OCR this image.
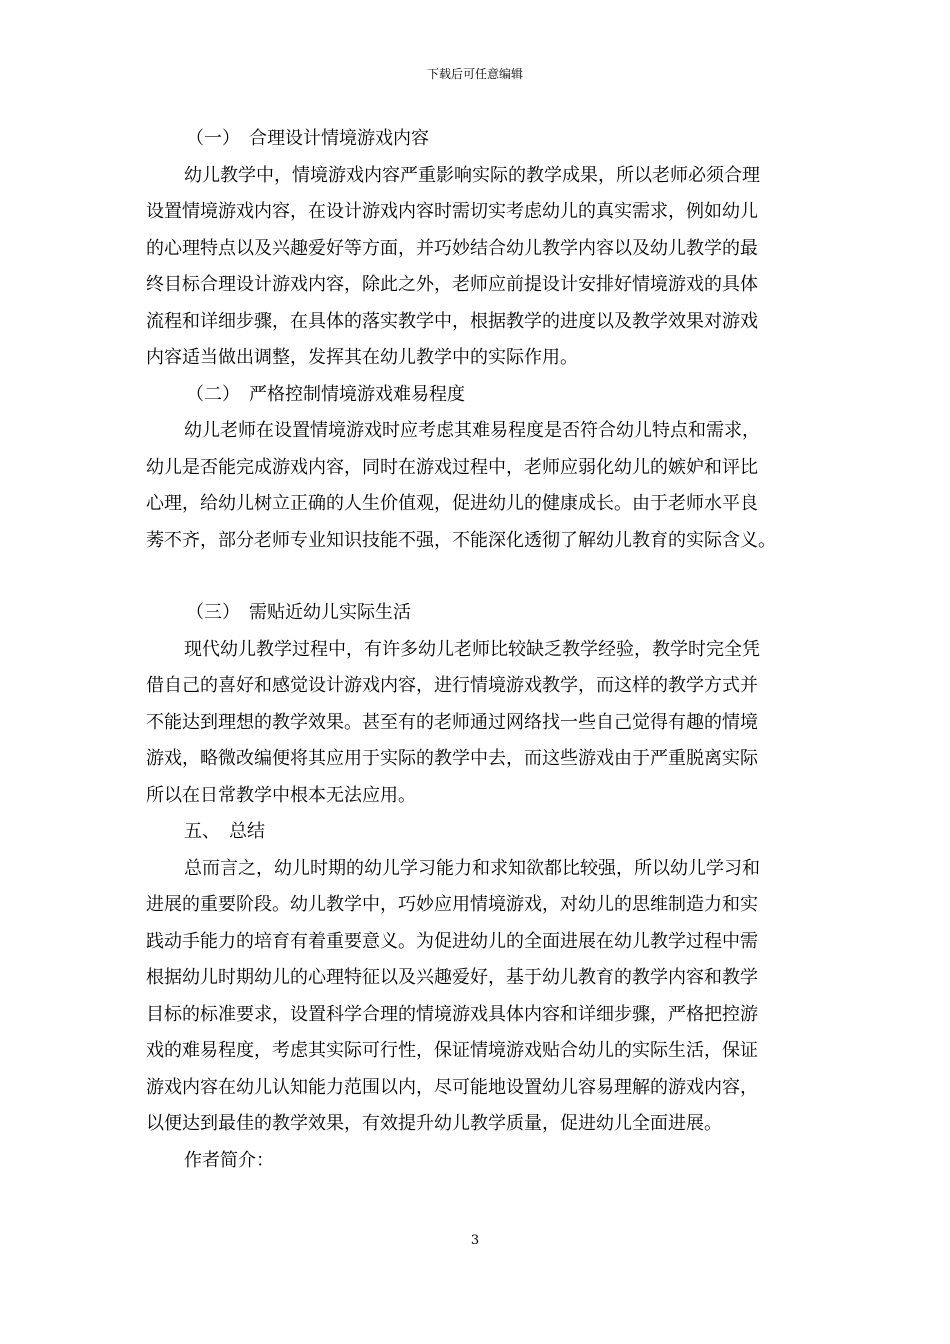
下载后可任意编辑
（一）　合理设计情境游戏内容
幼儿教学中，情境游戏内容严重影响实际的教学成果，所以老师必须合理
设置情境游戏内容，在设计游戏内容时需切实考虑幼儿的真实需求，例如幼儿
的心理特点以及兴趣爱好等方面，并巧妙结合幼儿教学内容以及幼儿教学的最
终目标合理设计游戏内容，除此之外，老师应前提设计安排好情境游戏的具体
流程和详细步骤，在具体的落实教学中，根据教学的进度以及教学效果对游戏
内容适当做出调整，发挥其在幼儿教学中的实际作用。
（二）　严格控制情境游戏难易程度
幼儿老师在设置情境游戏时应考虑其难易程度是否符合幼儿特点和需求，
幼儿是否能完成游戏内容，同时在游戏过程中，老师应弱化幼儿的嫉妒和评比
心理，给幼儿树立正确的人生价值观，促进幼儿的健康成长。由于老师水平良
莠不齐，部分老师专业知识技能不强，不能深化透彻了解幼儿教育的实际含义。
（三）　需贴近幼儿实际生活
现代幼儿教学过程中，有许多幼儿老师比较缺乏教学经验，教学时完全凭
借自己的喜好和感觉设计游戏内容，进行情境游戏教学，而这样的教学方式并
不能达到理想的教学效果。甚至有的老师通过网络找一些自己觉得有趣的情境
游戏，略微改编便将其应用于实际的教学中去，而这些游戏由于严重脱离实际
所以在日常教学中根本无法应用。
五、　总结
总而言之，幼儿时期的幼儿学习能力和求知欲都比较强，所以幼儿学习和
进展的重要阶段。幼儿教学中，巧妙应用情境游戏，对幼儿的思维制造力和实
践动手能力的培育有着重要意义。为促进幼儿的全面进展在幼儿教学过程中需
根据幼儿时期幼儿的心理特征以及兴趣爱好，基于幼儿教育的教学内容和教学
目标的标准要求，设置科学合理的情境游戏具体内容和详细步骤，严格把控游
戏的难易程度，考虑其实际可行性，保证情境游戏贴合幼儿的实际生活，保证
游戏内容在幼儿认知能力范围以内，尽可能地设置幼儿容易理解的游戏内容，
以便达到最佳的教学效果，有效提升幼儿教学质量，促进幼儿全面进展。
作者简介：
3
